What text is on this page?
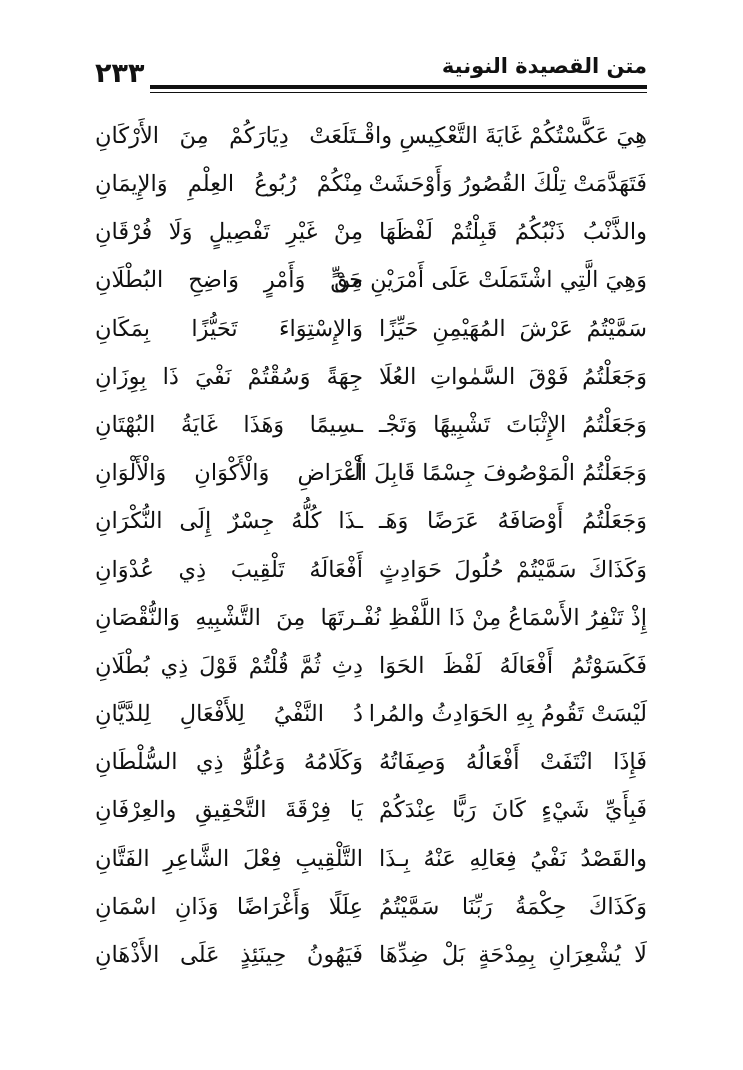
٢٣٣	متن القصيدة النونية
هِيَ عَكَّسْتُكُمْ غَايَةَ التَّعْكِيسِ واقْـ
ـتَلَعَتْ دِيَارَكُمْ مِنَ الأَرْكَانِ
فَتَهَدَّمَتْ تِلْكَ القُصُورُ وَأَوْحَشَتْ
مِنْكُمْ رُبُوعُ العِلْمِ وَالإِيمَانِ
والذَّنْبُ ذَنْبُكُمُ قَبِلْتُمْ لَفْظَهَا
مِنْ غَيْرِ تَفْصِيلٍ وَلَا فُرْقَانِ
وَهِيَ الَّتِي اشْتَمَلَتْ عَلَى أَمْرَيْنِ مِنْ
حَقٍّ وَأَمْرٍ وَاضِحِ البُطْلَانِ
سَمَّيْتُمُ عَرْشَ المُهَيْمِنِ حَيِّزًا
وَالإِسْتِوَاءَ تَحَيُّزًا بِمَكَانِ
وَجَعَلْتُمُ فَوْقَ السَّمٰواتِ العُلَا
جِهَةً وَسُقْتُمْ نَفْيَ ذَا بِوِزَانِ
وَجَعَلْتُمُ الإِثْبَاتَ تَشْبِيهًا وَتَجْـ
ـسِيمًا وَهَذَا غَايَةُ البُهْتَانِ
وَجَعَلْتُمُ الْمَوْصُوفَ جِسْمًا قَابِلَ الْـ
أَعْرَاضِ وَالْأَكْوَانِ وَالْأَلْوَانِ
وَجَعَلْتُمُ أَوْصَافَهُ عَرَضًا وَهَـ
ـذَا كُلُّهُ جِسْرٌ إِلَى النُّكْرَانِ
وَكَذَاكَ سَمَّيْتُمْ حُلُولَ حَوَادِثٍ
أَفْعَالَهُ تَلْقِيبَ ذِي عُدْوَانِ
إِذْ تَنْفِرُ الأَسْمَاعُ مِنْ ذَا اللَّفْظِ نُفْـ
ـرتَهَا مِنَ التَّشْبِيهِ وَالنُّقْصَانِ
فَكَسَوْتُمُ أَفْعَالَهُ لَفْظَ الحَوَا
دِثِ ثُمَّ قُلْتُمْ قَوْلَ ذِي بُطْلَانِ
لَيْسَتْ تَقُومُ بِهِ الحَوَادِثُ والمُرا
دُ النَّفْيُ لِلأَفْعَالِ لِلدَّيَّانِ
فَإِذَا انْتَفَتْ أَفْعَالُهُ وَصِفَاتُهُ
وَكَلَامُهُ وَعُلُوُّ ذِي السُّلْطَانِ
فَبِأَيِّ شَيْءٍ كَانَ رَبًّا عِنْدَكُمْ
يَا فِرْقَةَ التَّحْقِيقِ والعِرْفَانِ
والقَصْدُ نَفْيُ فِعَالِهِ عَنْهُ بِـذَا
التَّلْقِيبِ فِعْلَ الشَّاعِرِ الفَتَّانِ
وَكَذَاكَ حِكْمَةُ رَبِّنَا سَمَّيْتُمُ
عِلَلًا وَأَغْرَاضًا وَذَانِ اسْمَانِ
لَا يُشْعِرَانِ بِمِدْحَةٍ بَلْ ضِدِّهَا
فَيَهُونُ حِينَئِذٍ عَلَى الأَذْهَانِ
